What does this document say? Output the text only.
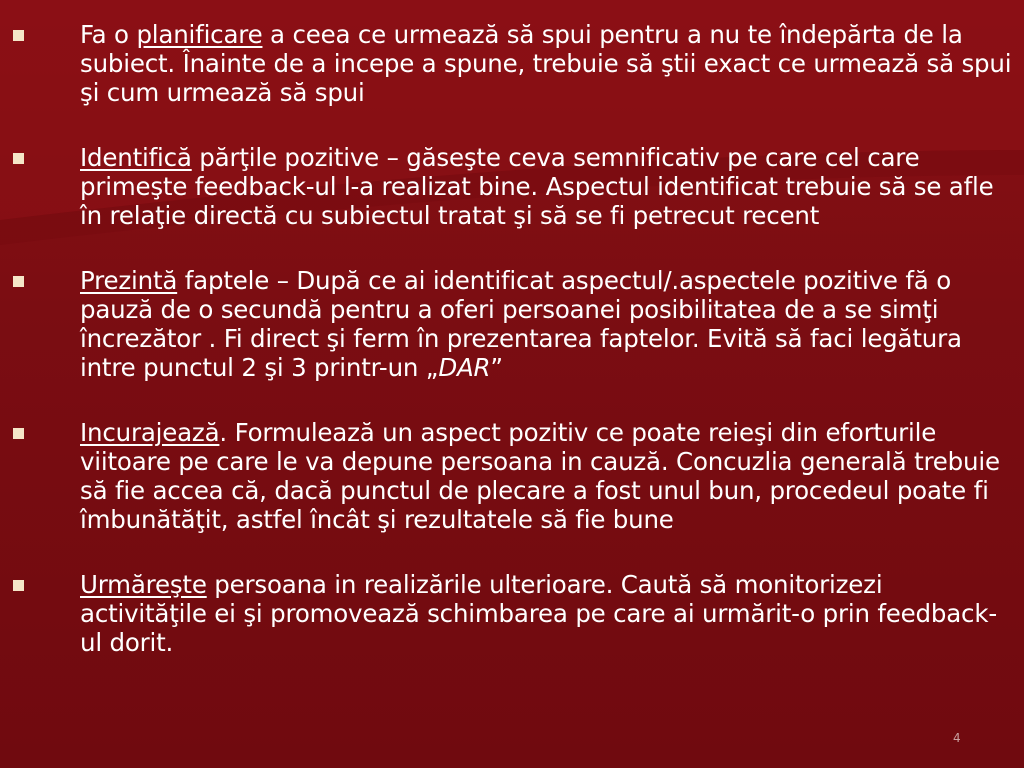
Fa o planificare a ceea ce urmează să spui pentru a nu te îndepărta de la subiect. Înainte de a incepe a spune, trebuie să ştii exact ce urmează să spui şi cum urmează să spui
Identifică părţile pozitive – găseşte ceva semnificativ pe care cel care primeşte feedback-ul l-a realizat bine. Aspectul identificat trebuie să se afle în relaţie directă cu subiectul tratat şi să se fi petrecut recent
Prezintă faptele – După ce ai identificat aspectul/.aspectele pozitive fă o pauză de o secundă pentru a oferi persoanei posibilitatea de a se simţi încrezător . Fi direct şi ferm în prezentarea faptelor. Evită să faci legătura intre punctul 2 şi 3 printr-un „DAR”
Incurajează. Formulează un aspect pozitiv ce poate reieşi din eforturile viitoare pe care le va depune persoana in cauză. Concuzlia generală trebuie să fie accea că, dacă punctul de plecare a fost unul bun, procedeul poate fi îmbunătăţit, astfel încât şi rezultatele să fie bune
Urmăreşte persoana in realizările ulterioare. Caută să monitorizezi activităţile ei şi promovează schimbarea pe care ai urmărit-o prin feedback-ul dorit.
4
